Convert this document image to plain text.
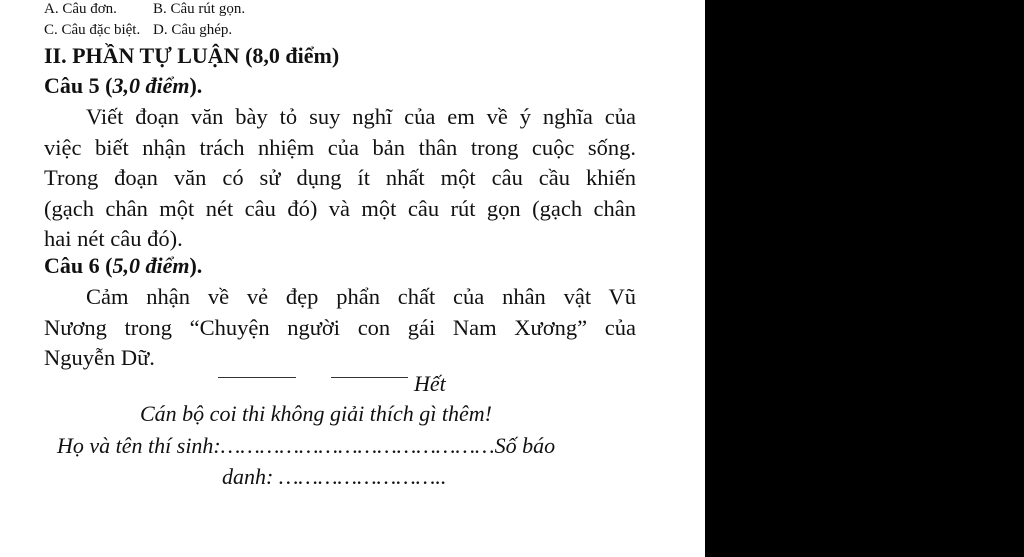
A. Câu đơn. B. Câu rút gọn.
C. Câu đặc biệt. D. Câu ghép.
II. PHẦN TỰ LUẬN (8,0 điểm)
Câu 5 (3,0 điểm).
Viết đoạn văn bày tỏ suy nghĩ của em về ý nghĩa của
việc biết nhận trách nhiệm của bản thân trong cuộc sống.
Trong đoạn văn có sử dụng ít nhất một câu cầu khiến
(gạch chân một nét câu đó) và một câu rút gọn (gạch chân
hai nét câu đó).
Câu 6 (5,0 điểm).
Cảm nhận về vẻ đẹp phẩn chất của nhân vật Vũ
Nương trong “Chuyện người con gái Nam Xương” của
Nguyễn Dữ.
Hết
Cán bộ coi thi không giải thích gì thêm!
Họ và tên thí sinh:……………………………………Số báo
danh: ……………………..
